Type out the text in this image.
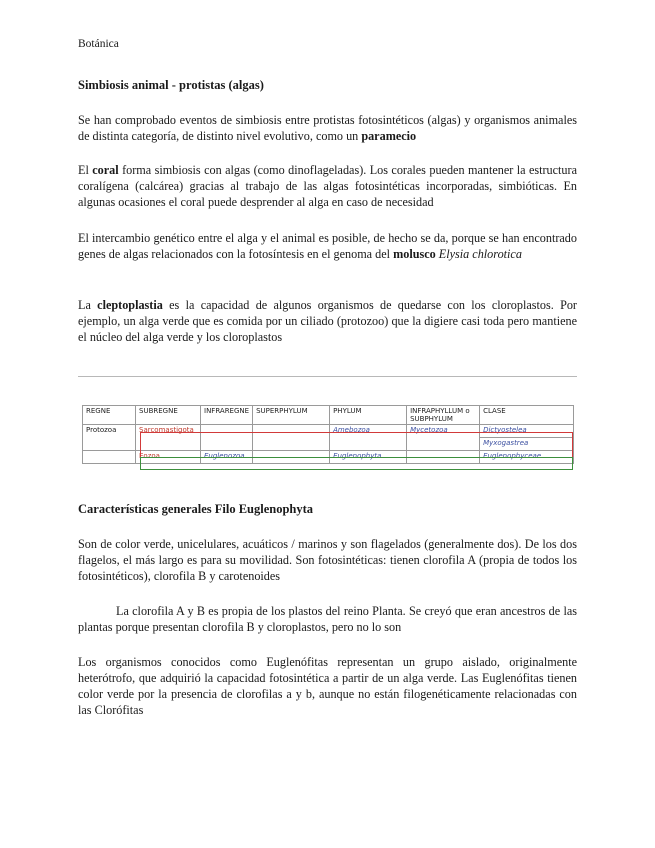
Botánica
Simbiosis animal - protistas (algas)
Se han comprobado eventos de simbiosis entre protistas fotosintéticos (algas) y organismos animales de distinta categoría, de distinto nivel evolutivo, como un paramecio
El coral forma simbiosis con algas (como dinoflageladas). Los corales pueden mantener la estructura coralígena (calcárea) gracias al trabajo de las algas fotosintéticas incorporadas, simbióticas. En algunas ocasiones el coral puede desprender al alga en caso de necesidad
El intercambio genético entre el alga y el animal es posible, de hecho se da, porque se han encontrado genes de algas relacionados con la fotosíntesis en el genoma del molusco Elysia chlorotica
La cleptoplastia es la capacidad de algunos organismos de quedarse con los cloroplastos. Por ejemplo, un alga verde que es comida por un ciliado (protozoo) que la digiere casi toda pero mantiene el núcleo del alga verde y los cloroplastos
REGNE	SUBREGNE	INFRAREGNE	SUPERPHYLUM	PHYLUM	INFRAPHYLLUM o SUBPHYLUM	CLASE
Protozoa	Sarcomastigota			Amebozoa	Mycetozoa	Dictyostelea
						Myxogastrea
	Eozoa	Euglenozoa		Euglenophyta		Euglenophyceae
Características generales Filo Euglenophyta
Son de color verde, unicelulares, acuáticos / marinos y son flagelados (generalmente dos). De los dos flagelos, el más largo es para su movilidad. Son fotosintéticas: tienen clorofila A (propia de todos los fotosintéticos), clorofila B y carotenoides
La clorofila A y B es propia de los plastos del reino Planta. Se creyó que eran ancestros de las plantas porque presentan clorofila B y cloroplastos, pero no lo son
Los organismos conocidos como Euglenófitas representan un grupo aislado, originalmente heterótrofo, que adquirió la capacidad fotosintética a partir de un alga verde. Las Euglenófitas tienen color verde por la presencia de clorofilas a y b, aunque no están filogenéticamente relacionadas con las Clorófitas
